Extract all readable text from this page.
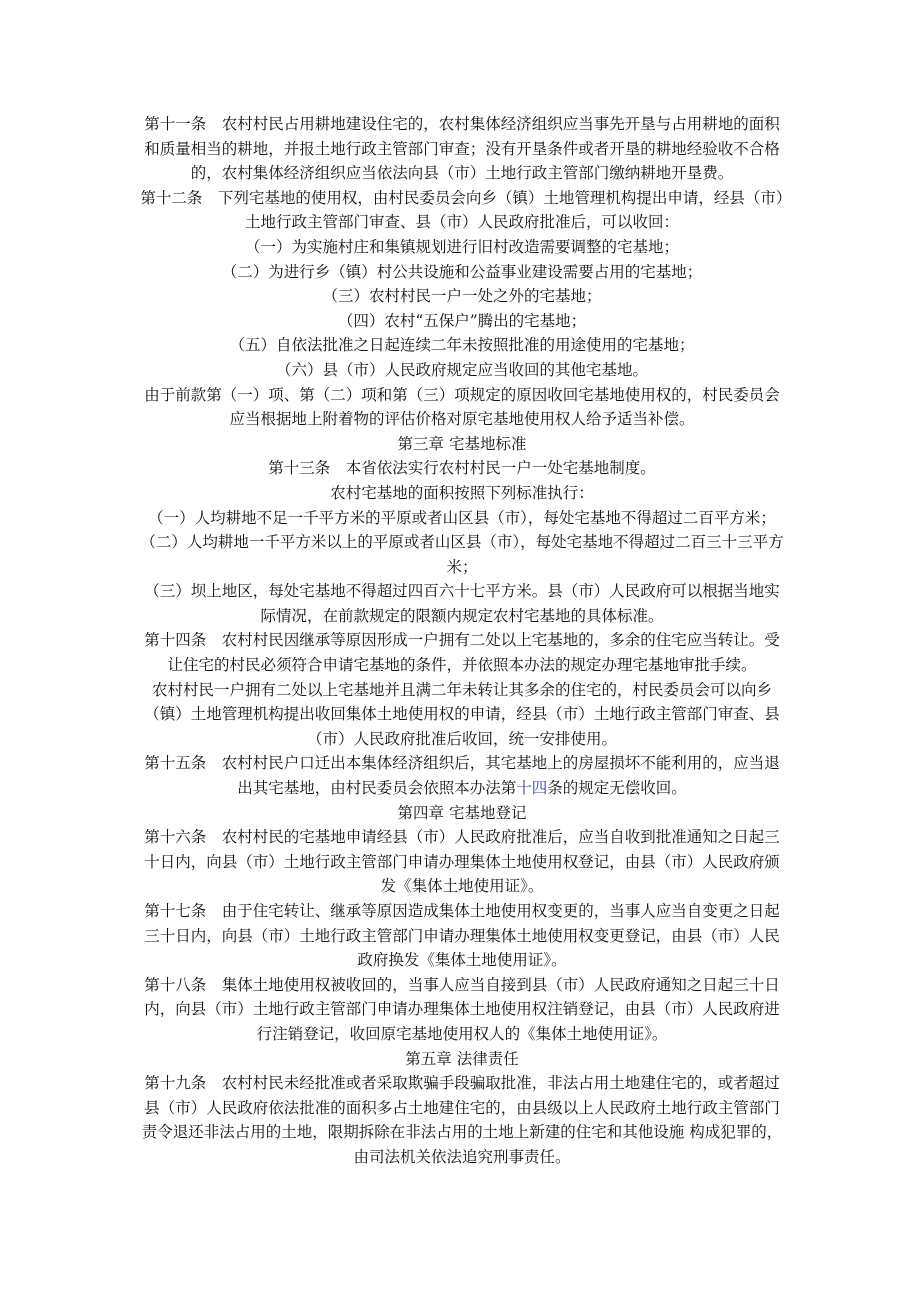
第十一条　农村村民占用耕地建设住宅的，农村集体经济组织应当事先开垦与占用耕地的面积和质量相当的耕地，并报土地行政主管部门审查；没有开垦条件或者开垦的耕地经验收不合格的，农村集体经济组织应当依法向县（市）土地行政主管部门缴纳耕地开垦费。

第十二条　下列宅基地的使用权，由村民委员会向乡（镇）土地管理机构提出申请，经县（市）土地行政主管部门审查、县（市）人民政府批准后，可以收回：

（一）为实施村庄和集镇规划进行旧村改造需要调整的宅基地；

（二）为进行乡（镇）村公共设施和公益事业建设需要占用的宅基地；

（三）农村村民一户一处之外的宅基地；

（四）农村“五保户”腾出的宅基地；

（五）自依法批准之日起连续二年未按照批准的用途使用的宅基地；

（六）县（市）人民政府规定应当收回的其他宅基地。

由于前款第（一）项、第（二）项和第（三）项规定的原因收回宅基地使用权的，村民委员会应当根据地上附着物的评估价格对原宅基地使用权人给予适当补偿。

第三章 宅基地标准

第十三条　本省依法实行农村村民一户一处宅基地制度。

农村宅基地的面积按照下列标准执行：

（一）人均耕地不足一千平方米的平原或者山区县（市），每处宅基地不得超过二百平方米；

（二）人均耕地一千平方米以上的平原或者山区县（市），每处宅基地不得超过二百三十三平方米；

（三）坝上地区，每处宅基地不得超过四百六十七平方米。县（市）人民政府可以根据当地实际情况，在前款规定的限额内规定农村宅基地的具体标准。

第十四条　农村村民因继承等原因形成一户拥有二处以上宅基地的，多余的住宅应当转让。受让住宅的村民必须符合申请宅基地的条件，并依照本办法的规定办理宅基地审批手续。

农村村民一户拥有二处以上宅基地并且满二年未转让其多余的住宅的，村民委员会可以向乡（镇）土地管理机构提出收回集体土地使用权的申请，经县（市）土地行政主管部门审查、县（市）人民政府批准后收回，统一安排使用。

第十五条　农村村民户口迁出本集体经济组织后，其宅基地上的房屋损坏不能利用的，应当退出其宅基地，由村民委员会依照本办法第十四条的规定无偿收回。

第四章 宅基地登记

第十六条　农村村民的宅基地申请经县（市）人民政府批准后，应当自收到批准通知之日起三十日内，向县（市）土地行政主管部门申请办理集体土地使用权登记，由县（市）人民政府颁发《集体土地使用证》。

第十七条　由于住宅转让、继承等原因造成集体土地使用权变更的，当事人应当自变更之日起三十日内，向县（市）土地行政主管部门申请办理集体土地使用权变更登记，由县（市）人民政府换发《集体土地使用证》。

第十八条　集体土地使用权被收回的，当事人应当自接到县（市）人民政府通知之日起三十日内，向县（市）土地行政主管部门申请办理集体土地使用权注销登记，由县（市）人民政府进行注销登记，收回原宅基地使用权人的《集体土地使用证》。

第五章 法律责任

第十九条　农村村民未经批准或者采取欺骗手段骗取批准，非法占用土地建住宅的，或者超过县（市）人民政府依法批准的面积多占土地建住宅的，由县级以上人民政府土地行政主管部门责令退还非法占用的土地，限期拆除在非法占用的土地上新建的住宅和其他设施 构成犯罪的，由司法机关依法追究刑事责任。
